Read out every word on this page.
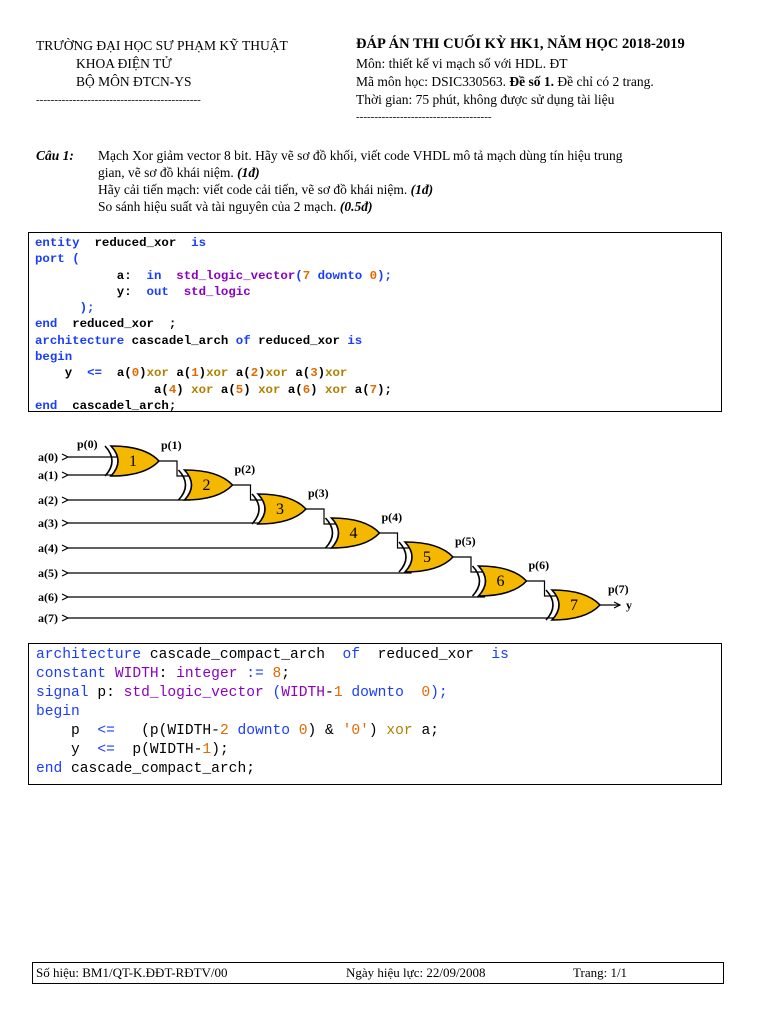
TRƯỜNG ĐẠI HỌC SƯ PHẠM KỸ THUẬT
KHOA ĐIỆN TỬ
BỘ MÔN ĐTCN-YS
---------------------------------------------
ĐÁP ÁN THI CUỐI KỲ HK1, NĂM HỌC 2018-2019
Môn: thiết kế vi mạch số với HDL. ĐT
Mã môn học: DSIC330563. Đề số 1. Đề chỉ có 2 trang.
Thời gian: 75 phút, không được sử dụng tài liệu
-------------------------------------
Câu 1: Mạch Xor giảm vector 8 bit. Hãy vẽ sơ đồ khối, viết code VHDL mô tả mạch dùng tín hiệu trung
gian, vẽ sơ đồ khái niệm. (1đ)
Hãy cải tiến mạch: viết code cải tiến, vẽ sơ đồ khái niệm. (1đ)
So sánh hiệu suất và tài nguyên của 2 mạch. (0.5đ)
entity reduced_xor is
port (
a: in std_logic_vector(7 downto 0);
y: out std_logic
);
end reduced_xor ;
architecture cascadel_arch of reduced_xor is
begin
y <= a(0)xor a(1)xor a(2)xor a(3)xor
a(4) xor a(5) xor a(6) xor a(7);
end cascadel_arch;
1
2
3
4
5
6
7
a(0)
a(1)
a(2)
a(3)
a(4)
a(5)
a(6)
a(7)
p(0)	p(1)
p(2)
p(3)
p(4)
p(5)
p(6)
p(7)
y
architecture cascade_compact_arch of reduced_xor is
constant WIDTH: integer := 8;
signal p: std_logic_vector (WIDTH-1 downto 0);
begin
p <= (p(WIDTH-2 downto 0) & '0') xor a;
y <= p(WIDTH-1);
end cascade_compact_arch;
Số hiệu: BM1/QT-K.ĐĐT-RĐTV/00	Ngày hiệu lực: 22/09/2008	Trang: 1/1
